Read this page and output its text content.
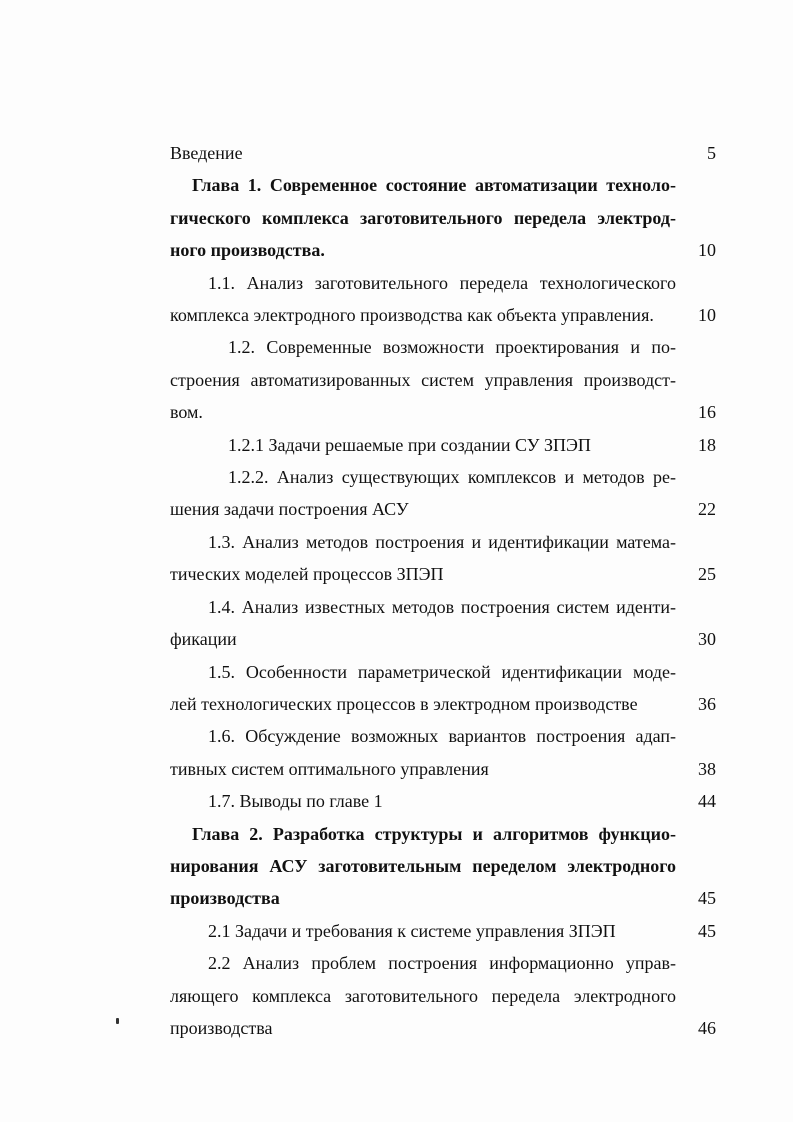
Введение	5
Глава 1. Современное состояние автоматизации техноло-гического комплекса заготовительного передела электрод-ного производства.	10
1.1. Анализ заготовительного передела технологического комплекса электродного производства как объекта управления.	10
1.2. Современные возможности проектирования и по-строения автоматизированных систем управления производст-вом.	16
1.2.1 Задачи решаемые при создании СУ ЗПЭП	18
1.2.2. Анализ существующих комплексов и методов ре-шения задачи построения АСУ	22
1.3. Анализ методов построения и идентификации матема-тических моделей процессов ЗПЭП	25
1.4. Анализ известных методов построения систем иденти-фикации	30
1.5. Особенности параметрической идентификации моде-лей технологических процессов в электродном производстве	36
1.6. Обсуждение возможных вариантов построения адап-тивных систем оптимального управления	38
1.7. Выводы по главе 1	44
Глава 2. Разработка структуры и алгоритмов функцио-нирования АСУ заготовительным переделом электродного производства	45
2.1 Задачи и требования к системе управления ЗПЭП	45
2.2 Анализ проблем построения информационно управ-ляющего комплекса заготовительного передела электродного производства	46
